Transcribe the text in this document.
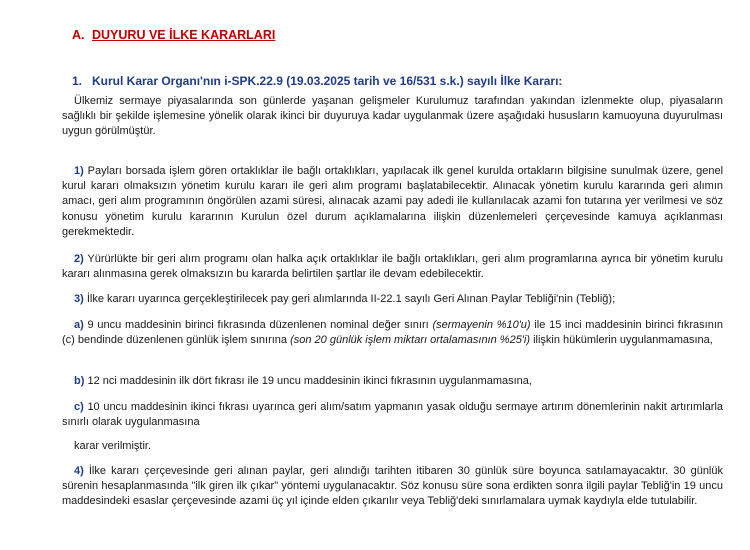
A. DUYURU VE İLKE KARARLARI
1. Kurul Karar Organı'nın i-SPK.22.9 (19.03.2025 tarih ve 16/531 s.k.) sayılı İlke Kararı:

Ülkemiz sermaye piyasalarında son günlerde yaşanan gelişmeler Kurulumuz tarafından yakından izlenmekte olup, piyasaların sağlıklı bir şekilde işlemesine yönelik olarak ikinci bir duyuruya kadar uygulanmak üzere aşağıdaki hususların kamuoyuna duyurulması uygun görülmüştür.

1) Payları borsada işlem gören ortaklıklar ile bağlı ortaklıkları, yapılacak ilk genel kurulda ortakların bilgisine sunulmak üzere, genel kurul kararı olmaksızın yönetim kurulu kararı ile geri alım programı başlatabilecektir. Alınacak yönetim kurulu kararında geri alımın amacı, geri alım programının öngörülen azami süresi, alınacak azami pay adedi ile kullanılacak azami fon tutarına yer verilmesi ve söz konusu yönetim kurulu kararının Kurulun özel durum açıklamalarına ilişkin düzenlemeleri çerçevesinde kamuya açıklanması gerekmektedir.

2) Yürürlükte bir geri alım programı olan halka açık ortaklıklar ile bağlı ortaklıkları, geri alım programlarına ayrıca bir yönetim kurulu kararı alınmasına gerek olmaksızın bu kararda belirtilen şartlar ile devam edebilecektir.

3) İlke kararı uyarınca gerçekleştirilecek pay geri alımlarında II-22.1 sayılı Geri Alınan Paylar Tebliği'nin (Tebliğ);

a) 9 uncu maddesinin birinci fıkrasında düzenlenen nominal değer sınırı (sermayenin %10'u) ile 15 inci maddesinin birinci fıkrasının (c) bendinde düzenlenen günlük işlem sınırına (son 20 günlük işlem miktarı ortalamasının %25'i) ilişkin hükümlerin uygulanmamasına,

b) 12 nci maddesinin ilk dört fıkrası ile 19 uncu maddesinin ikinci fıkrasının uygulanmamasına,

c) 10 uncu maddesinin ikinci fıkrası uyarınca geri alım/satım yapmanın yasak olduğu sermaye artırım dönemlerinin nakit artırımlarla sınırlı olarak uygulanmasına

karar verilmiştir.

4) İlke kararı çerçevesinde geri alınan paylar, geri alındığı tarihten itibaren 30 günlük süre boyunca satılamayacaktır. 30 günlük sürenin hesaplanmasında "ilk giren ilk çıkar" yöntemi uygulanacaktır. Söz konusu süre sona erdikten sonra ilgili paylar Tebliğ'in 19 uncu maddesindeki esaslar çerçevesinde azami üç yıl içinde elden çıkarılır veya Tebliğ'deki sınırlamalara uymak kaydıyla elde tutulabilir.
